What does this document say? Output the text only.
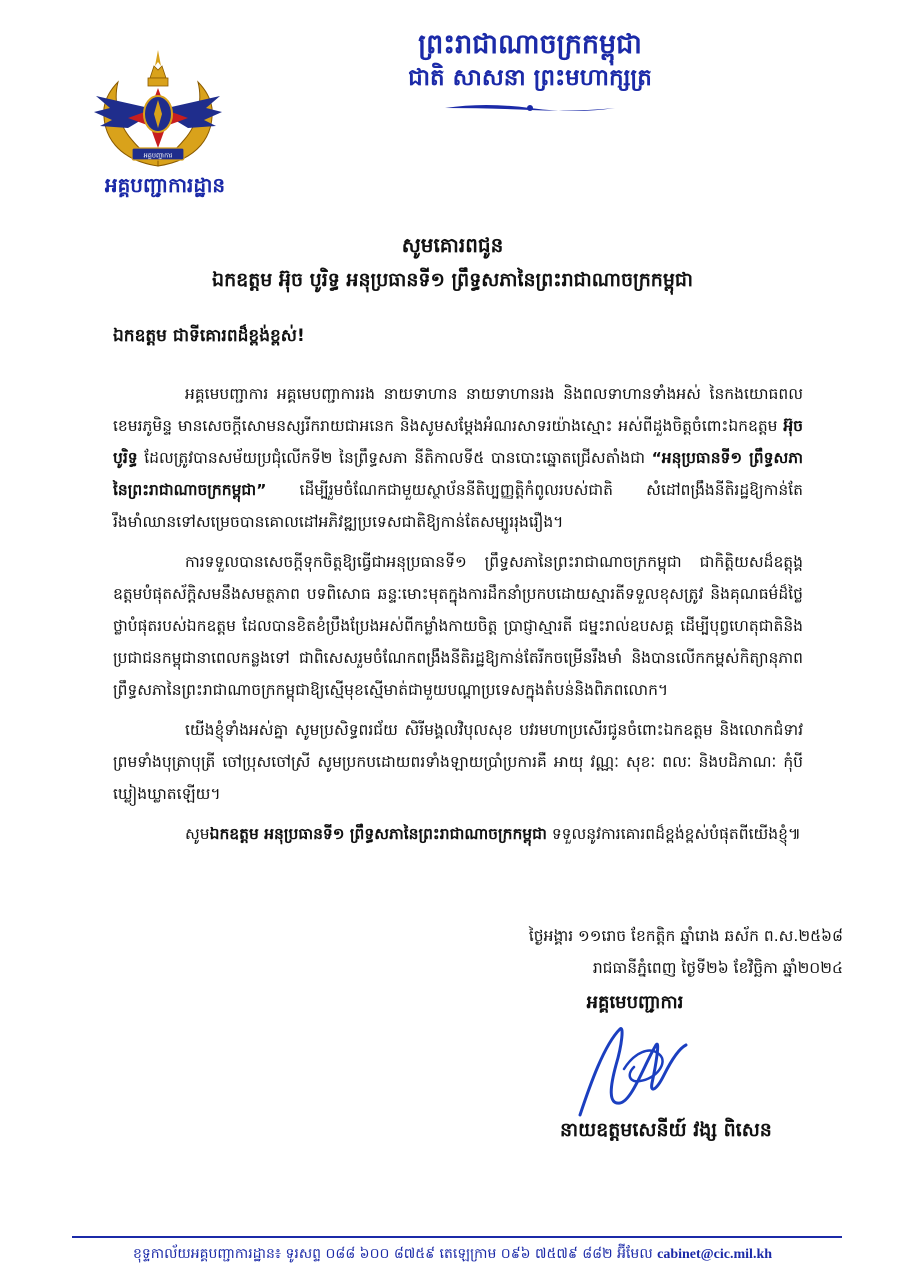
អគ្គបញ្ជាការ
អគ្គបញ្ជាការដ្ឋាន
ព្រះរាជាណាចក្រកម្ពុជា
ជាតិ សាសនា ព្រះមហាក្សត្រ
សូមគោរពជូន
ឯកឧត្តម អ៊ុច បូរិទ្ធ អនុប្រធានទី១ ព្រឹទ្ធសភានៃព្រះរាជាណាចក្រកម្ពុជា
ឯកឧត្តម ជាទីគោរពដ៏ខ្ពង់ខ្ពស់!

អគ្គមេបញ្ជាការ អគ្គមេបញ្ជាការរង នាយទាហាន នាយទាហានរង និងពលទាហានទាំងអស់ នៃកងយោធពលខេមរភូមិន្ទ មានសេចក្តីសោមនស្សរីករាយជាអនេក និងសូមសម្តែងអំណរសាទរយ៉ាងស្មោះ អស់ពីដួងចិត្តចំពោះឯកឧត្តម អ៊ុច បូរិទ្ធ ដែលត្រូវបានសម័យប្រជុំលើកទី២ នៃព្រឹទ្ធសភា នីតិកាលទី៥ បានបោះឆ្នោតជ្រើសតាំងជា “អនុប្រធានទី១ ព្រឹទ្ធសភានៃព្រះរាជាណាចក្រកម្ពុជា” ដើម្បីរួមចំណែកជាមួយស្ថាប័ននីតិប្បញ្ញត្តិកំពូលរបស់ជាតិ សំដៅពង្រឹងនីតិរដ្ឋឱ្យកាន់តែរឹងមាំឈានទៅសម្រេចបានគោលដៅអភិវឌ្ឍប្រទេសជាតិឱ្យកាន់តែសម្បូររុងរឿង។

ការទទួលបានសេចក្តីទុកចិត្តឱ្យធ្វើជាអនុប្រធានទី១ ព្រឹទ្ធសភានៃព្រះរាជាណាចក្រកម្ពុជា ជាកិត្តិយសដ៏ឧត្តុង្គឧត្តមបំផុតស័ក្តិសមនឹងសមត្ថភាព បទពិសោធ ឆន្ទៈមោះមុតក្នុងការដឹកនាំប្រកបដោយស្មារតីទទួលខុសត្រូវ និងគុណធម៌ដ៏ថ្លៃថ្លាបំផុតរបស់ឯកឧត្តម ដែលបានខិតខំប្រឹងប្រែងអស់ពីកម្លាំងកាយចិត្ត ប្រាជ្ញាស្មារតី ជម្នះរាល់ឧបសគ្គ ដើម្បីបុព្វហេតុជាតិនិងប្រជាជនកម្ពុជានាពេលកន្លងទៅ ជាពិសេសរួមចំណែកពង្រឹងនីតិរដ្ឋឱ្យកាន់តែរីកចម្រើនរឹងមាំ និងបានលើកកម្ពស់កិត្យានុភាពព្រឹទ្ធសភានៃព្រះរាជាណាចក្រកម្ពុជាឱ្យស្មើមុខស្មើមាត់ជាមួយបណ្តាប្រទេសក្នុងតំបន់និងពិភពលោក។

យើងខ្ញុំទាំងអស់គ្នា សូមប្រសិទ្ធពរជ័យ សិរីមង្គលវិបុលសុខ បវរមហាប្រសើរជូនចំពោះឯកឧត្តម និងលោកជំទាវ ព្រមទាំងបុត្រាបុត្រី ចៅប្រុសចៅស្រី សូមប្រកបដោយពរទាំងឡាយប្រាំប្រការគឺ អាយុ វណ្ណៈ សុខៈ ពលៈ និងបដិភាណៈ កុំបីឃ្លៀងឃ្លាតឡើយ។

សូមឯកឧត្តម អនុប្រធានទី១ ព្រឹទ្ធសភានៃព្រះរាជាណាចក្រកម្ពុជា ទទួលនូវការគោរពដ៏ខ្ពង់ខ្ពស់បំផុតពីយើងខ្ញុំ៕

ថ្ងៃអង្គារ ១១រោច ខែកត្តិក ឆ្នាំរោង ឆស័ក ព.ស.២៥៦៨
រាជធានីភ្នំពេញ ថ្ងៃទី២៦ ខែវិច្ឆិកា ឆ្នាំ២០២៤
អគ្គមេបញ្ជាការ
នាយឧត្តមសេនីយ៍ វង្ស ពិសេន
ខុទ្ទកាល័យអគ្គបញ្ជាការដ្ឋាន៖ ទូរសព្ទ ០៨៨ ៦០០ ៨៧៥៩ តេឡេក្រាម ០៩៦ ៧៥៧៩ ៨៨២ អ៊ីមែល cabinet@cic.mil.kh
